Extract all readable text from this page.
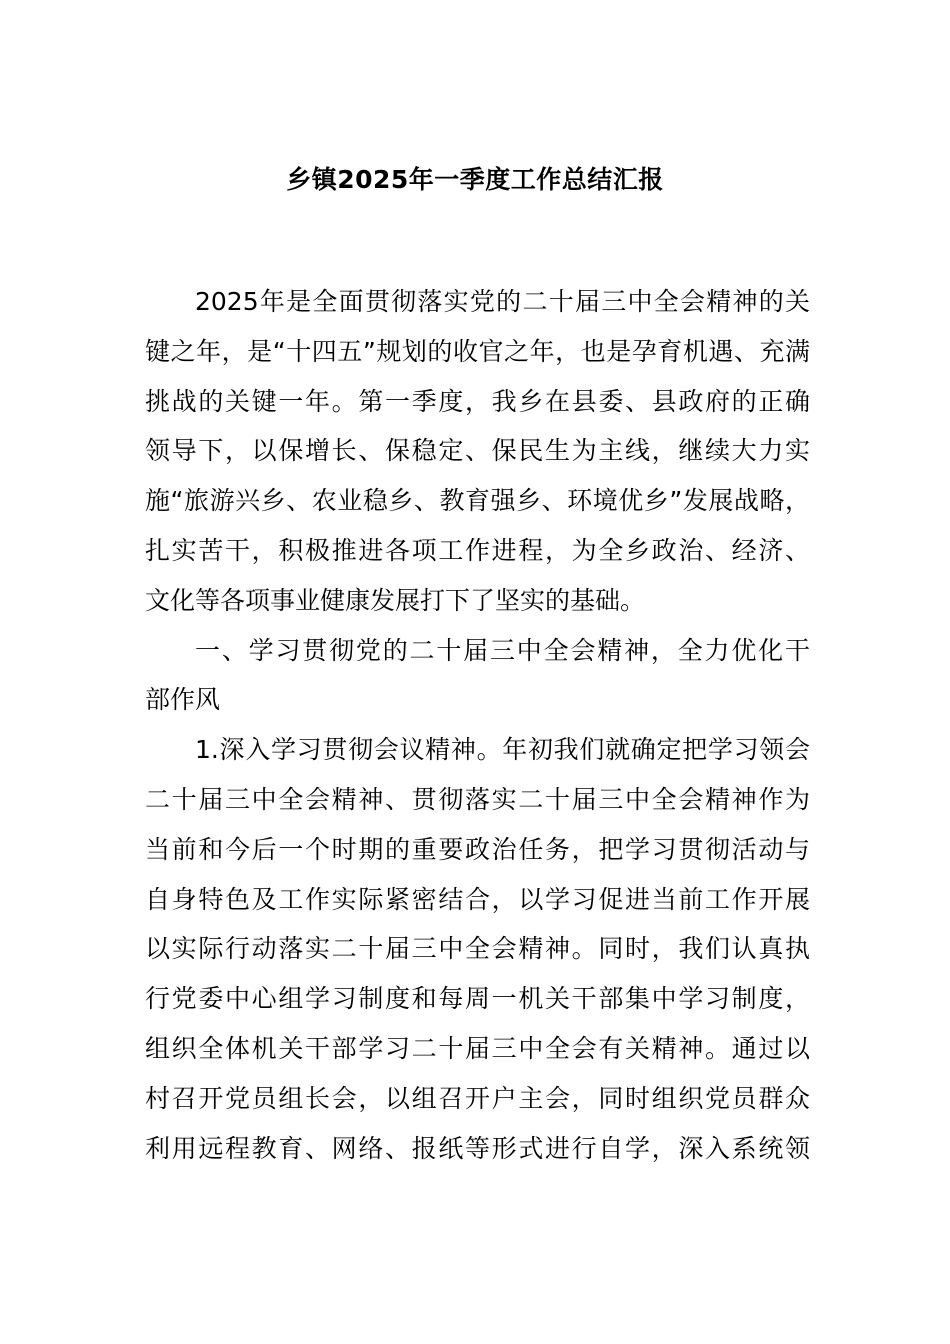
乡镇2025年一季度工作总结汇报
2025年是全面贯彻落实党的二十届三中全会精神的关
键之年，是“十四五”规划的收官之年，也是孕育机遇、充满
挑战的关键一年。第一季度，我乡在县委、县政府的正确
领导下，以保增长、保稳定、保民生为主线，继续大力实
施“旅游兴乡、农业稳乡、教育强乡、环境优乡”发展战略，
扎实苦干，积极推进各项工作进程，为全乡政治、经济、
文化等各项事业健康发展打下了坚实的基础。
一、学习贯彻党的二十届三中全会精神，全力优化干
部作风
1.深入学习贯彻会议精神。年初我们就确定把学习领会
二十届三中全会精神、贯彻落实二十届三中全会精神作为
当前和今后一个时期的重要政治任务，把学习贯彻活动与
自身特色及工作实际紧密结合，以学习促进当前工作开展
以实际行动落实二十届三中全会精神。同时，我们认真执
行党委中心组学习制度和每周一机关干部集中学习制度，
组织全体机关干部学习二十届三中全会有关精神。通过以
村召开党员组长会，以组召开户主会，同时组织党员群众
利用远程教育、网络、报纸等形式进行自学，深入系统领
